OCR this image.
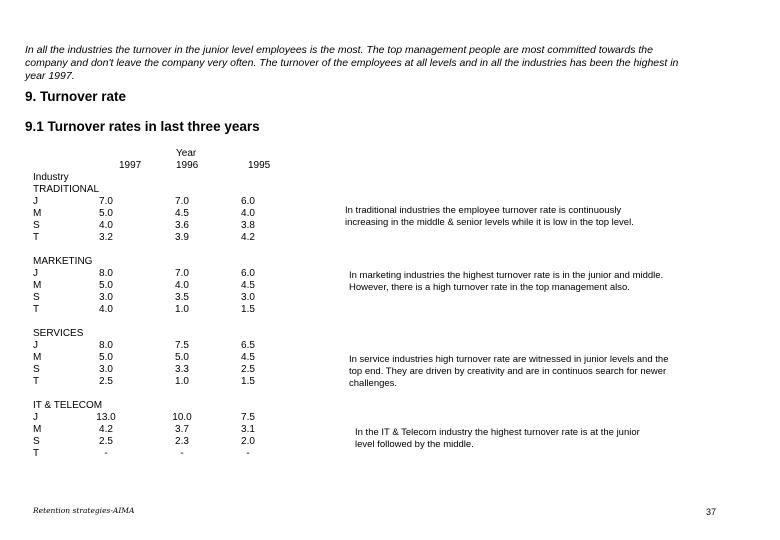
In all the industries the turnover in the junior level employees is the most. The top management people are most committed towards the company and don't leave the company very often. The turnover of the employees at all levels and in all the industries has been the highest in year 1997.
9. Turnover rate
9.1 Turnover rates in last three years
Year
1997	1996	1995
Industry
TRADITIONAL
J	7.0	7.0	6.0
M	5.0	4.5	4.0
S	4.0	3.6	3.8
T	3.2	3.9	4.2
In traditional industries the employee turnover rate is continuously increasing in the middle & senior levels while it is low in the top level.
MARKETING
J	8.0	7.0	6.0
M	5.0	4.0	4.5
S	3.0	3.5	3.0
T	4.0	1.0	1.5
In marketing industries the highest turnover rate is in the junior and middle. However, there is a high turnover rate in the top management also.
SERVICES
J	8.0	7.5	6.5
M	5.0	5.0	4.5
S	3.0	3.3	2.5
T	2.5	1.0	1.5
In service industries high turnover rate are witnessed in junior levels and the top end. They are driven by creativity and are in continuos search for newer challenges.
IT & TELECOM
J	13.0	10.0	7.5
M	4.2	3.7	3.1
S	2.5	2.3	2.0
T	-	-	-
In the IT & Telecom industry the highest turnover rate is at the junior level followed by the middle.
Retention strategies-AIMA	37
